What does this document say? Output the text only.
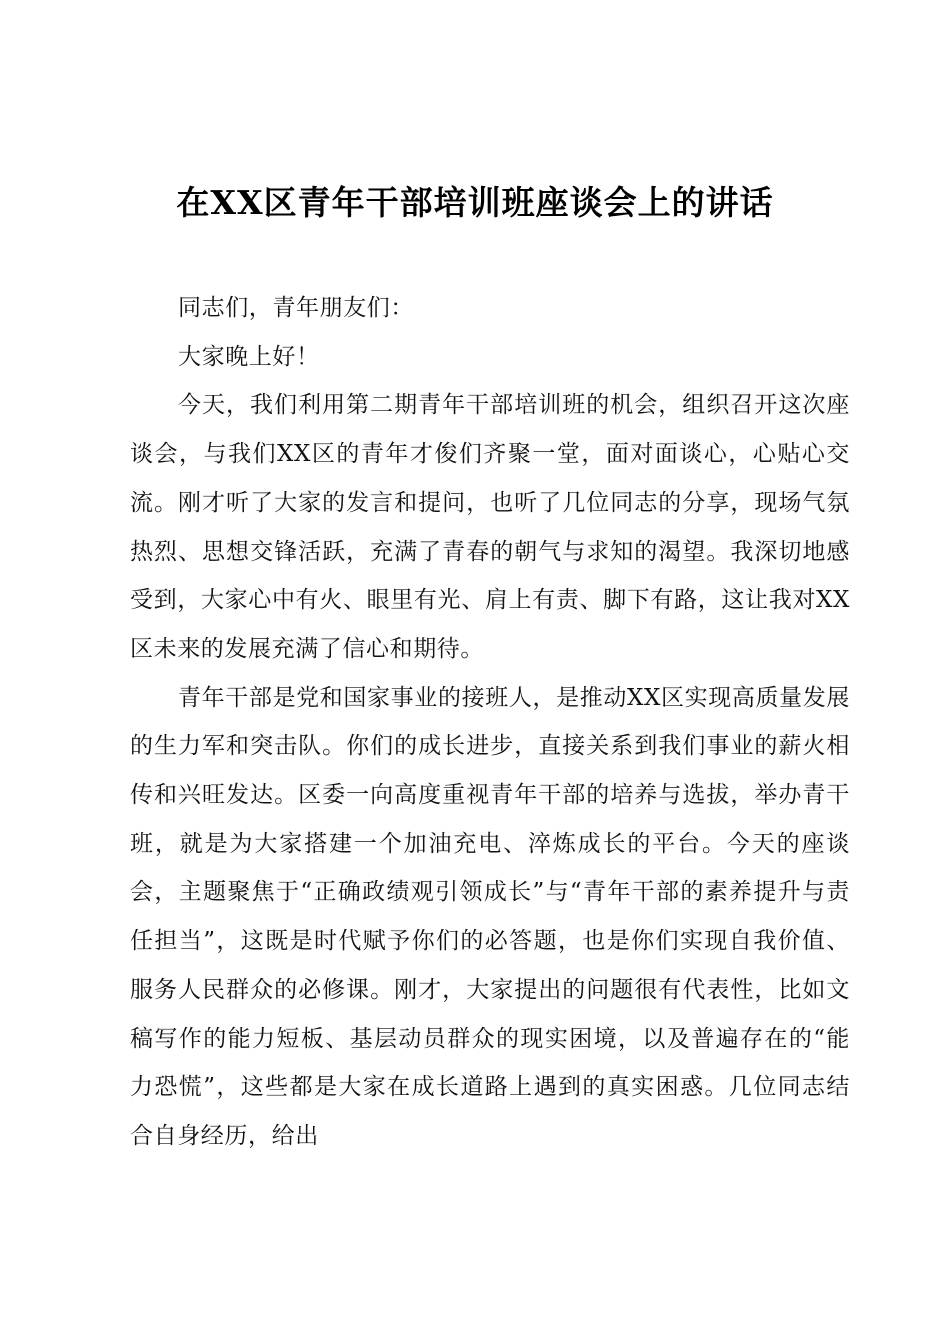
在XX区青年干部培训班座谈会上的讲话

同志们，青年朋友们：

大家晚上好！

今天，我们利用第二期青年干部培训班的机会，组织召开这次座谈会，与我们XX区的青年才俊们齐聚一堂，面对面谈心，心贴心交流。刚才听了大家的发言和提问，也听了几位同志的分享，现场气氛热烈、思想交锋活跃，充满了青春的朝气与求知的渴望。我深切地感受到，大家心中有火、眼里有光、肩上有责、脚下有路，这让我对XX区未来的发展充满了信心和期待。

青年干部是党和国家事业的接班人，是推动XX区实现高质量发展的生力军和突击队。你们的成长进步，直接关系到我们事业的薪火相传和兴旺发达。区委一向高度重视青年干部的培养与选拔，举办青干班，就是为大家搭建一个加油充电、淬炼成长的平台。今天的座谈会，主题聚焦于“正确政绩观引领成长”与“青年干部的素养提升与责任担当”，这既是时代赋予你们的必答题，也是你们实现自我价值、服务人民群众的必修课。刚才，大家提出的问题很有代表性，比如文稿写作的能力短板、基层动员群众的现实困境，以及普遍存在的“能力恐慌”，这些都是大家在成长道路上遇到的真实困惑。几位同志结合自身经历，给出
